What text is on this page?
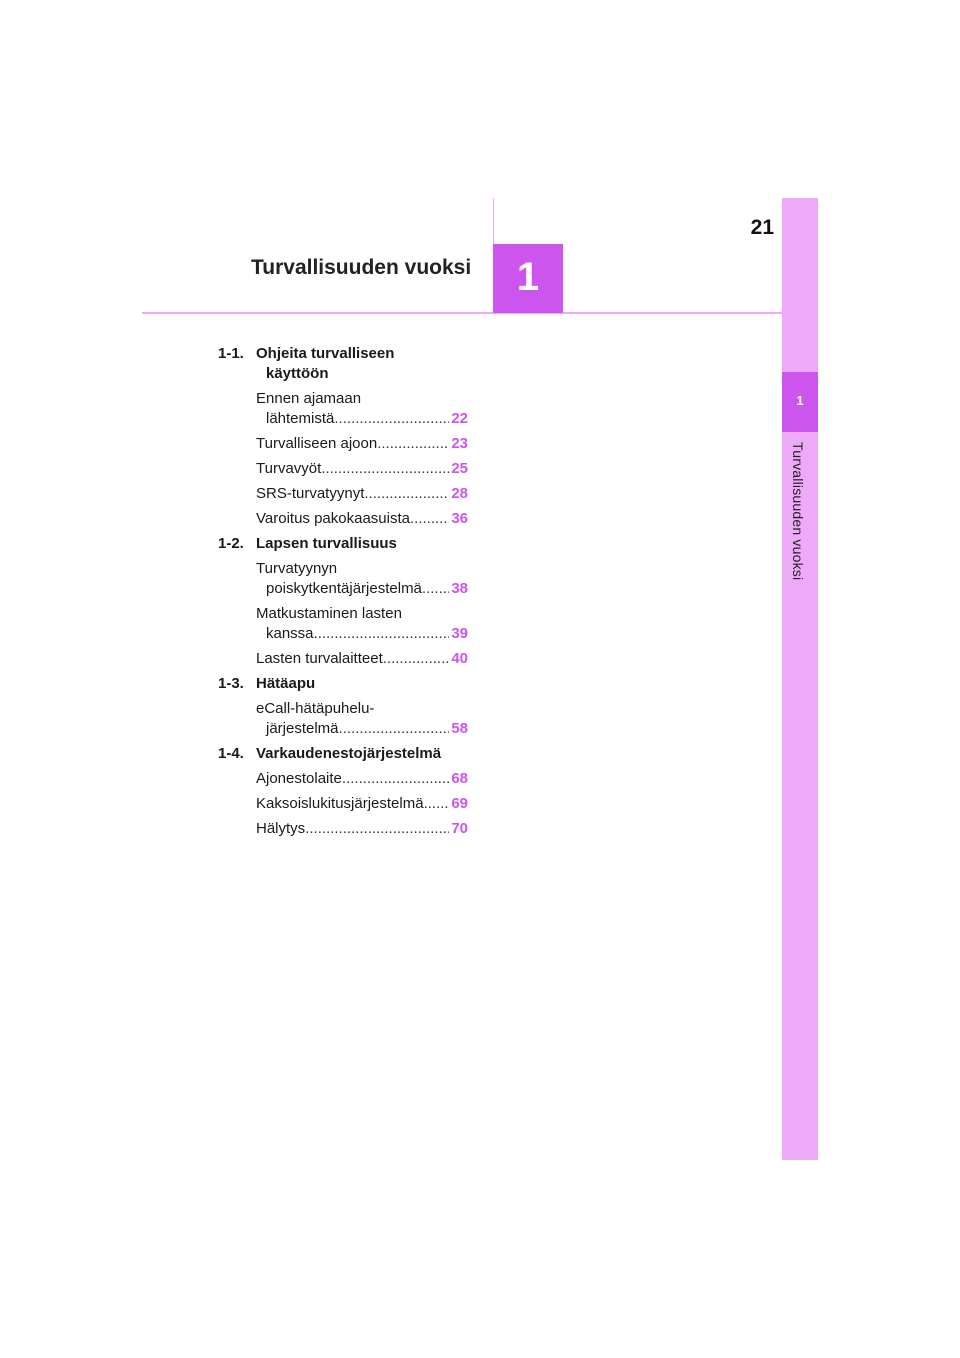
1
Turvallisuuden vuoksi
21
1
Turvallisuuden vuoksi
1-1. Ohjeita turvalliseen
käyttöön
Ennen ajamaan
lähtemistä .....	22
Turvalliseen ajoon .....	23
Turvavyöt .....	25
SRS-turvatyynyt .....	28
Varoitus pakokaasuista .....	36
1-2. Lapsen turvallisuus
Turvatyynyn
poiskytkentäjärjestelmä ..... 38
Matkustaminen lasten
kanssa .....	39
Lasten turvalaitteet .....	40
1-3. Hätäapu
eCall-hätäpuhelu-
järjestelmä .....	58
1-4. Varkaudenestojärjestelmä
Ajonestolaite .....	68
Kaksoislukitusjärjestelmä ..... 69
Hälytys .....	70
